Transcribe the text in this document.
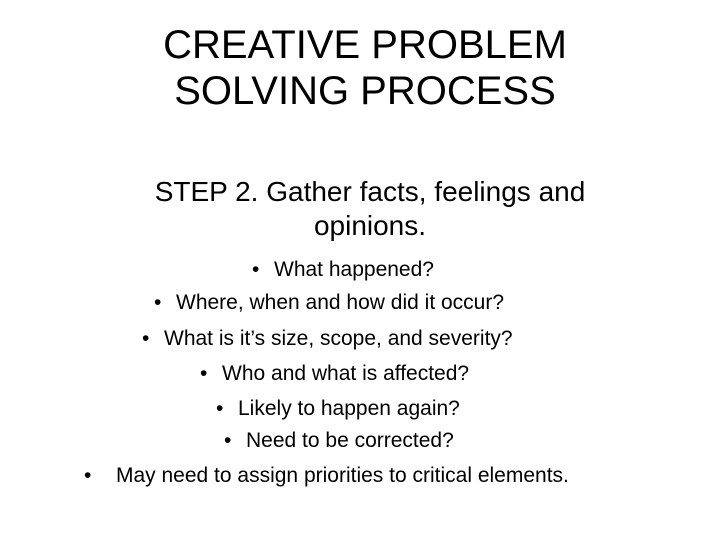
CREATIVE PROBLEM
SOLVING PROCESS
STEP 2. Gather facts, feelings and
opinions.
• What happened?
• Where, when and how did it occur?
• What is it’s size, scope, and severity?
• Who and what is affected?
• Likely to happen again?
• Need to be corrected?
• May need to assign priorities to critical elements.
